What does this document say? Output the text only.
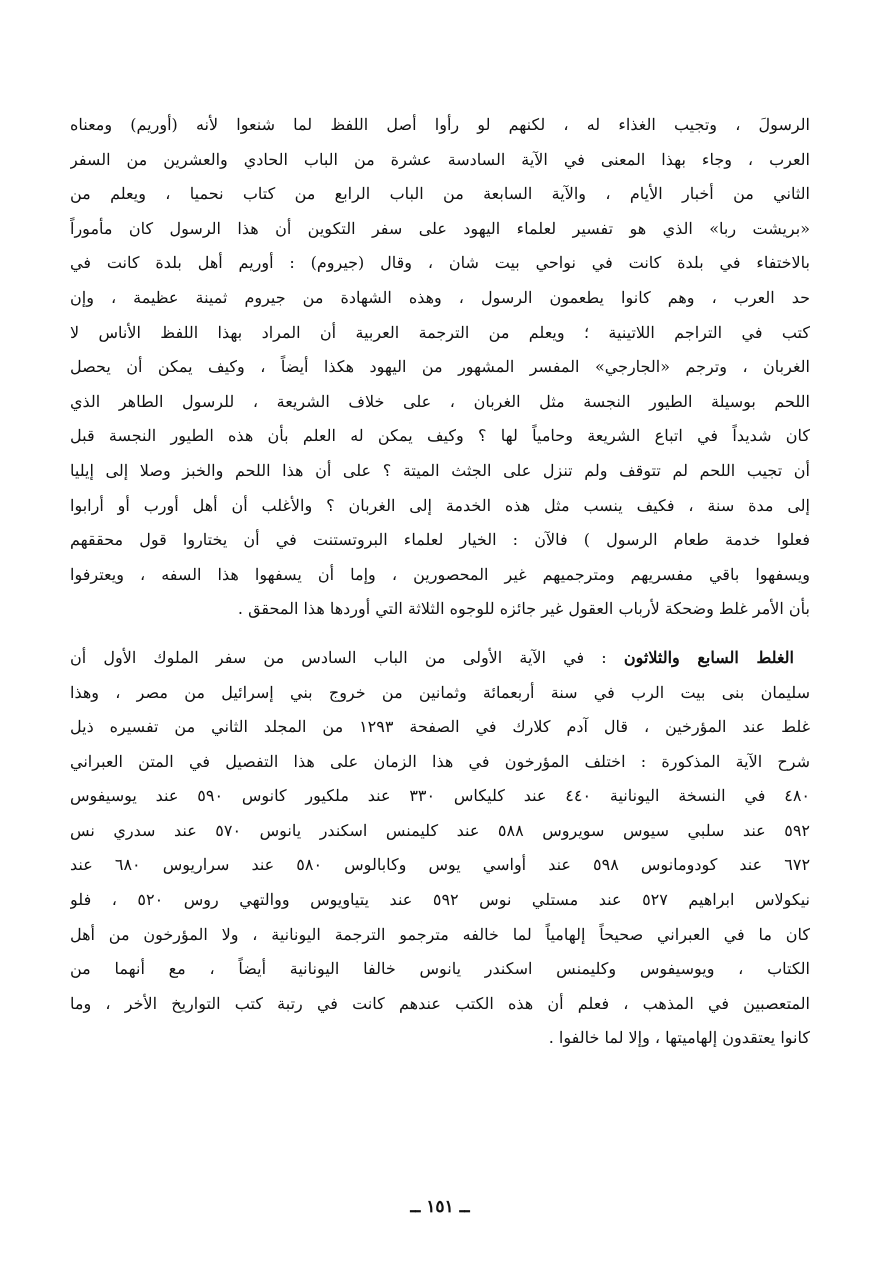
الرسولَ ، وتجيب الغذاء له ، لكنهم لو رأوا أصل اللفظ لما شنعوا لأنه (أوريم) ومعناه
العرب ، وجاء بهذا المعنى في الآية السادسة عشرة من الباب الحادي والعشرين من السفر
الثاني من أخبار الأيام ، والآية السابعة من الباب الرابع من كتاب نحميا ، ويعلم من
«بريشت ربا» الذي هو تفسير لعلماء اليهود على سفر التكوين أن هذا الرسول كان مأموراً
بالاختفاء في بلدة كانت في نواحي بيت شان ، وقال (جيروم) : أوريم أهل بلدة كانت في
حد العرب ، وهم كانوا يطعمون الرسول ، وهذه الشهادة من جيروم ثمينة عظيمة ، وإن
كتب في التراجم اللاتينية ؛ ويعلم من الترجمة العربية أن المراد بهذا اللفظ الأناس لا
الغربان ، وترجم «الجارجي» المفسر المشهور من اليهود هكذا أيضاً ، وكيف يمكن أن يحصل
اللحم بوسيلة الطيور النجسة مثل الغربان ، على خلاف الشريعة ، للرسول الطاهر الذي
كان شديداً في اتباع الشريعة وحامياً لها ؟ وكيف يمكن له العلم بأن هذه الطيور النجسة قبل
أن تجيب اللحم لم تتوقف ولم تنزل على الجثث الميتة ؟ على أن هذا اللحم والخبز وصلا إلى إيليا
إلى مدة سنة ، فكيف ينسب مثل هذه الخدمة إلى الغربان ؟ والأغلب أن أهل أورب أو أرابوا
فعلوا خدمة طعام الرسول ) فالآن : الخيار لعلماء البروتستنت في أن يختاروا قول محققهم
ويسفهوا باقي مفسريهم ومترجميهم غير المحصورين ، وإما أن يسفهوا هذا السفه ، ويعترفوا
بأن الأمر غلط وضحكة لأرباب العقول غير جائزه للوجوه الثلاثة التي أوردها هذا المحقق .
الغلط السابع والثلاثون : في الآية الأولى من الباب السادس من سفر الملوك الأول أن
سليمان بنى بيت الرب في سنة أربعمائة وثمانين من خروج بني إسرائيل من مصر ، وهذا
غلط عند المؤرخين ، قال آدم كلارك في الصفحة ١٢٩٣ من المجلد الثاني من تفسيره ذيل
شرح الآية المذكورة : اختلف المؤرخون في هذا الزمان على هذا التفصيل في المتن العبراني
٤٨٠ في النسخة اليونانية ٤٤٠ عند كليكاس ٣٣٠ عند ملكيور كانوس ٥٩٠ عند يوسيفوس
٥٩٢ عند سلبي سيوس سويروس ٥٨٨ عند كليمنس اسكندر يانوس ٥٧٠ عند سدري نس
٦٧٢ عند كودومانوس ٥٩٨ عند أواسي يوس وكابالوس ٥٨٠ عند سراريوس ٦٨٠ عند
نيكولاس ابراهيم ٥٢٧ عند مستلي نوس ٥٩٢ عند يتياويوس ووالتهي روس ٥٢٠ ، فلو
كان ما في العبراني صحيحاً إلهامياً لما خالفه مترجمو الترجمة اليونانية ، ولا المؤرخون من أهل
الكتاب ، ويوسيفوس وكليمنس اسكندر يانوس خالفا اليونانية أيضاً ، مع أنهما من
المتعصبين في المذهب ، فعلم أن هذه الكتب عندهم كانت في رتبة كتب التواريخ الأخر ، وما
كانوا يعتقدون إلهاميتها ، وإلا لما خالفوا .
ــ ١٥١ ــ
